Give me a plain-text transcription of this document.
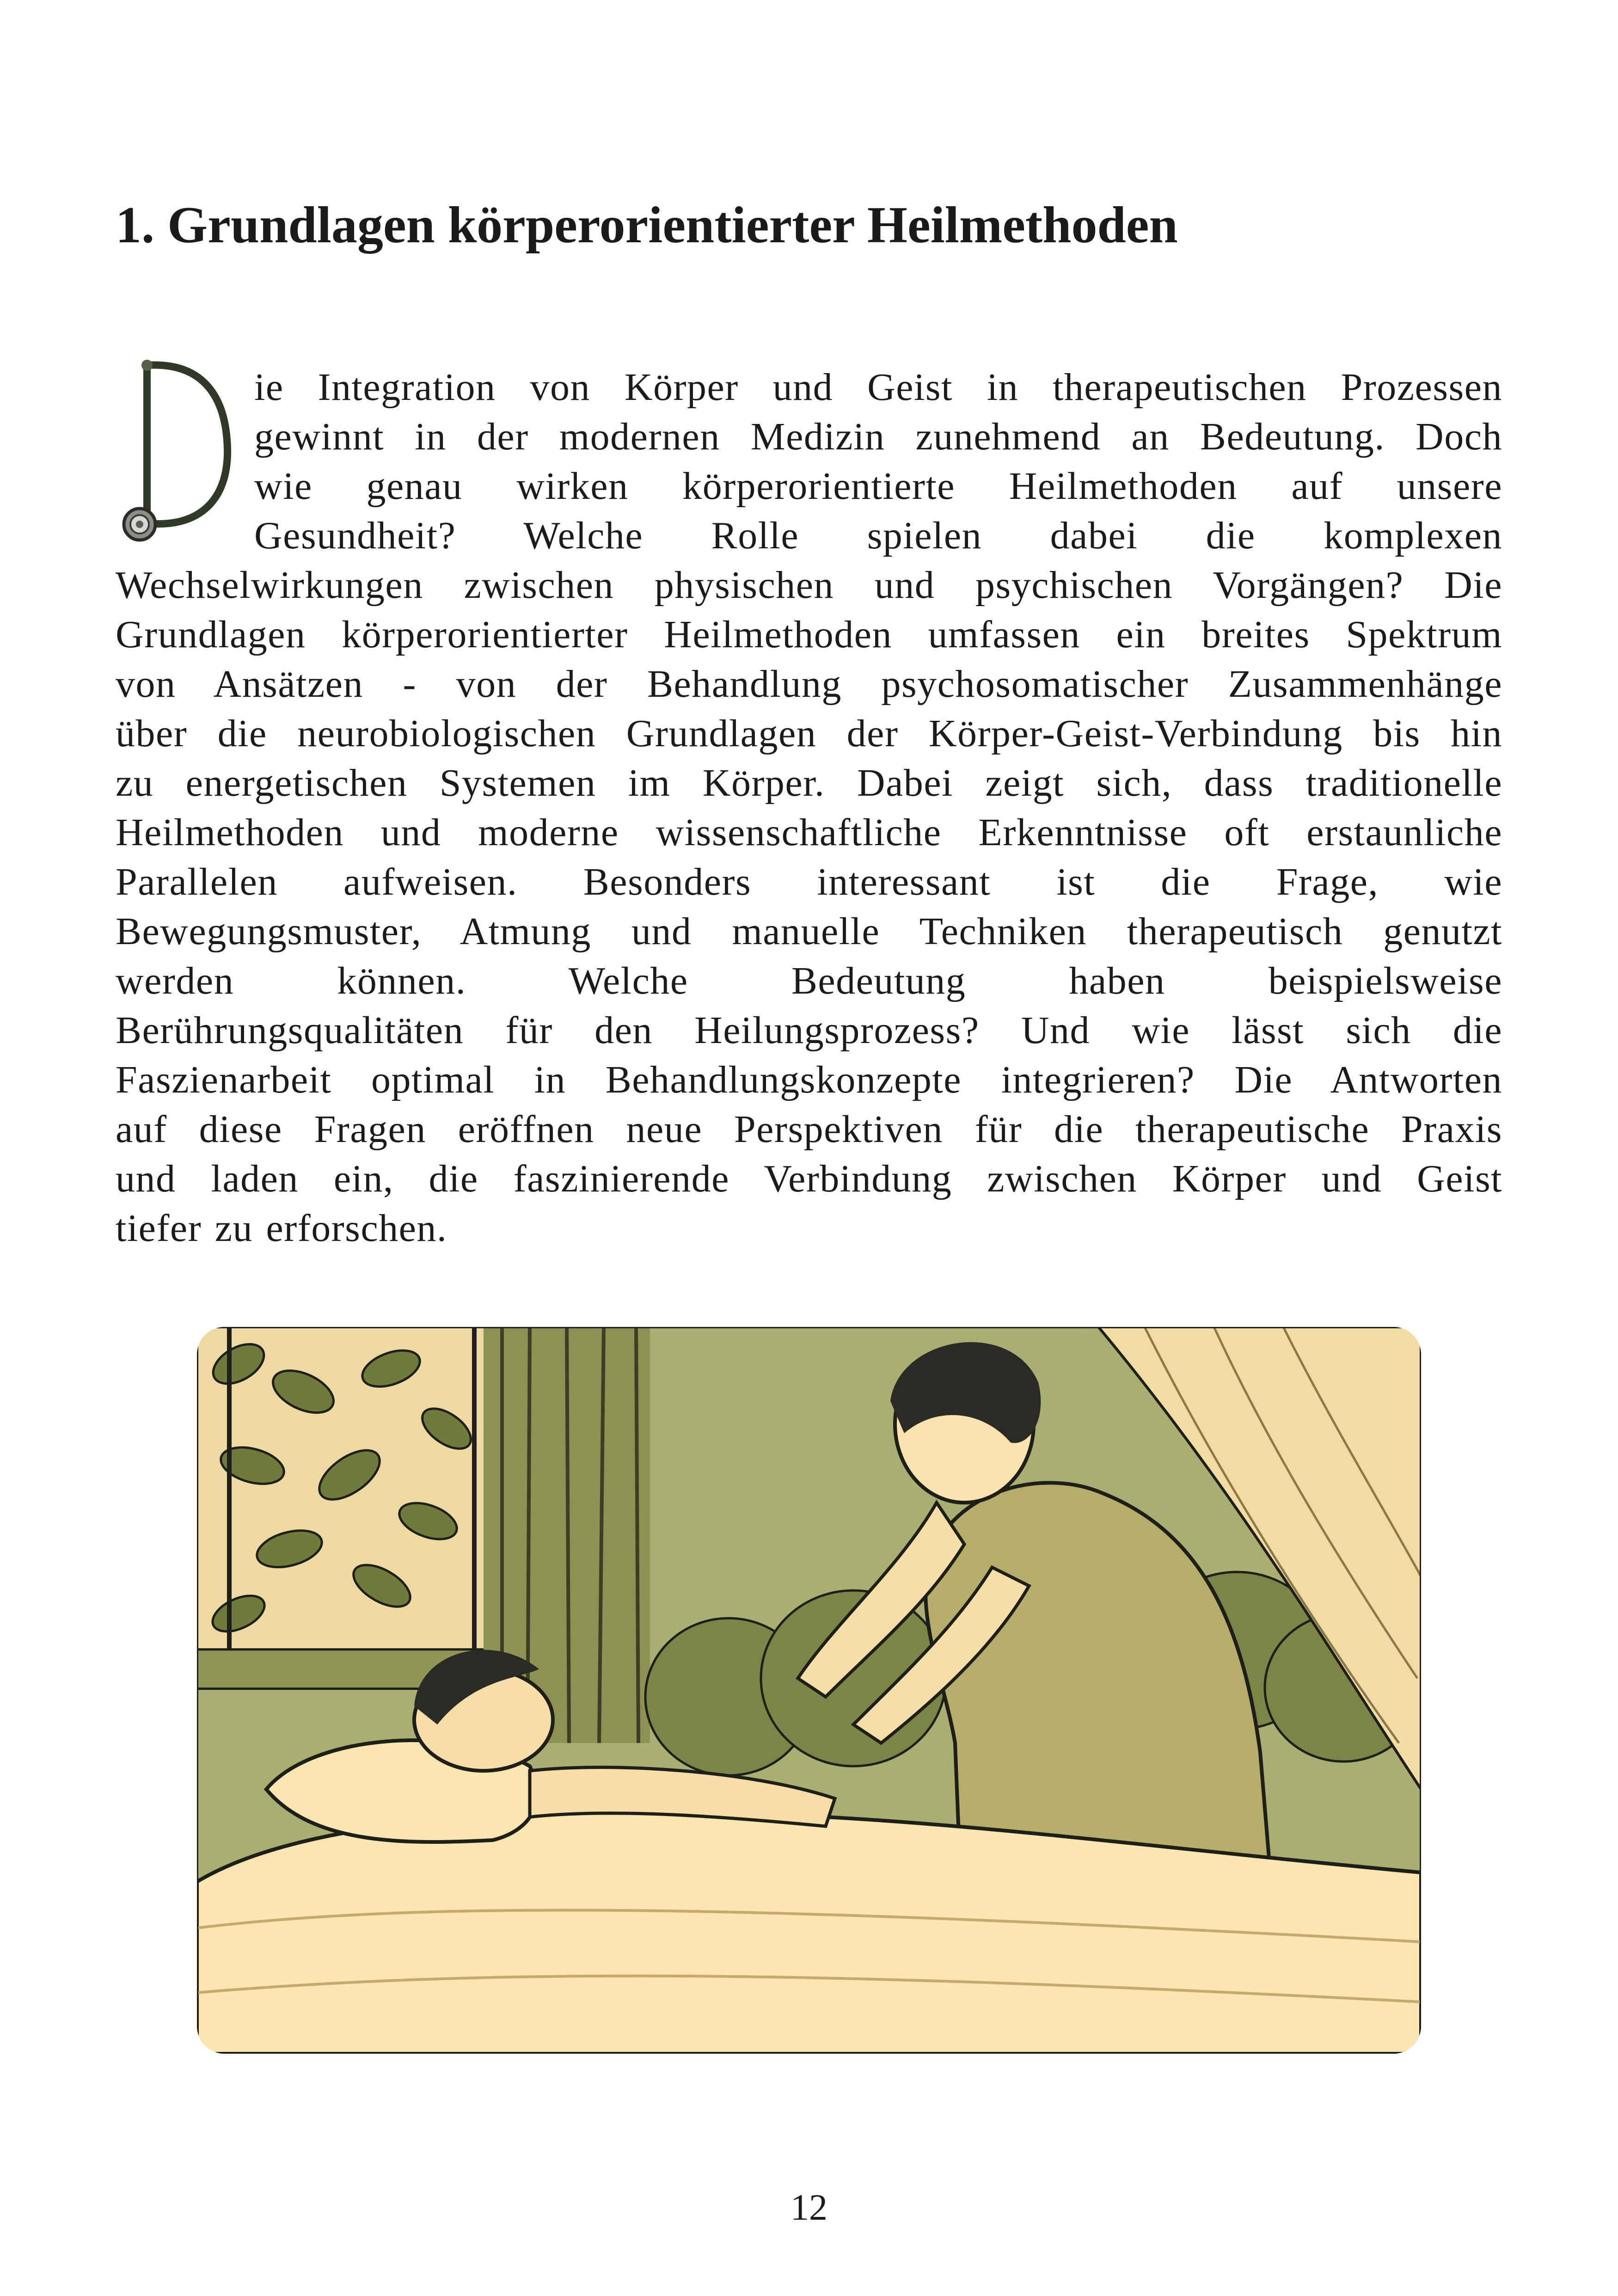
1. Grundlagen körperorientierter Heilmethoden

ie Integration von Körper und Geist in therapeutischen Prozessen
gewinnt in der modernen Medizin zunehmend an Bedeutung. Doch
wie genau wirken körperorientierte Heilmethoden auf unsere
Gesundheit? Welche Rolle spielen dabei die komplexen
Wechselwirkungen zwischen physischen und psychischen Vorgängen? Die
Grundlagen körperorientierter Heilmethoden umfassen ein breites Spektrum
von Ansätzen - von der Behandlung psychosomatischer Zusammenhänge
über die neurobiologischen Grundlagen der Körper-Geist-Verbindung bis hin
zu energetischen Systemen im Körper. Dabei zeigt sich, dass traditionelle
Heilmethoden und moderne wissenschaftliche Erkenntnisse oft erstaunliche
Parallelen aufweisen. Besonders interessant ist die Frage, wie
Bewegungsmuster, Atmung und manuelle Techniken therapeutisch genutzt
werden können. Welche Bedeutung haben beispielsweise
Berührungsqualitäten für den Heilungsprozess? Und wie lässt sich die
Faszienarbeit optimal in Behandlungskonzepte integrieren? Die Antworten
auf diese Fragen eröffnen neue Perspektiven für die therapeutische Praxis
und laden ein, die faszinierende Verbindung zwischen Körper und Geist
tiefer zu erforschen.

12
